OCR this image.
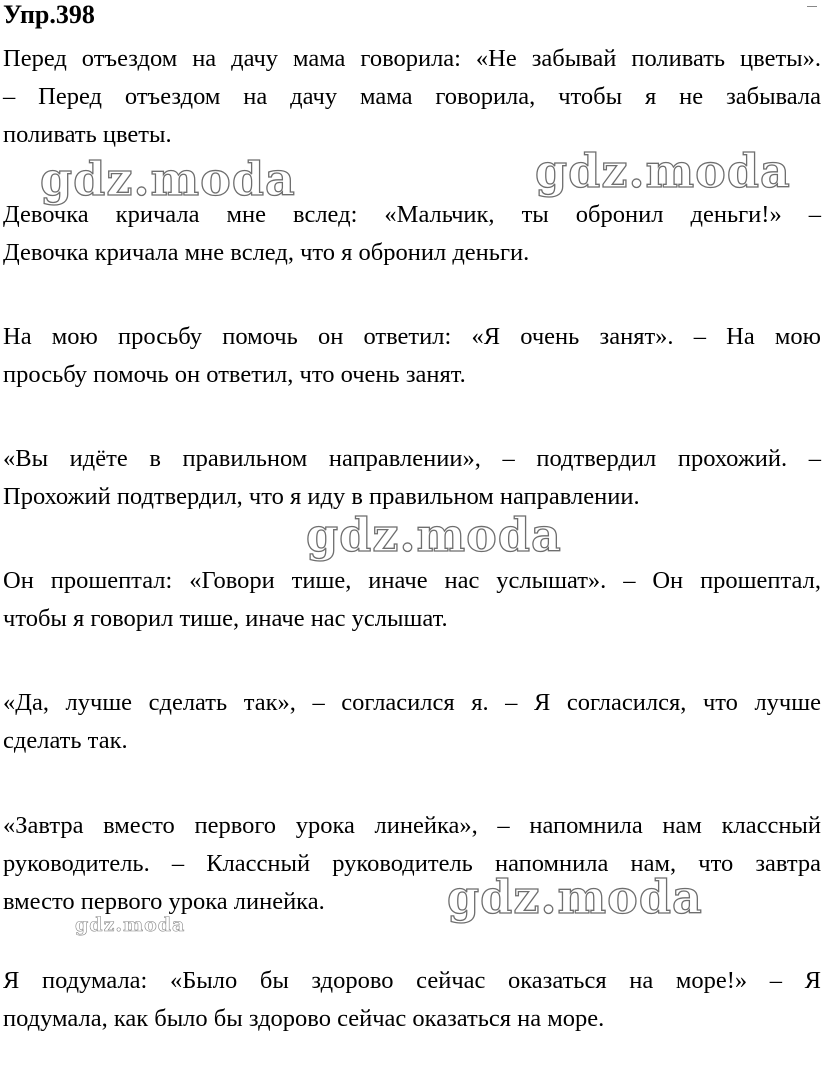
Упр.398

Перед отъездом на дачу мама говорила: «Не забывай поливать цветы».
– Перед отъездом на дачу мама говорила, чтобы я не забывала
поливать цветы.

Девочка кричала мне вслед: «Мальчик, ты обронил деньги!» –
Девочка кричала мне вслед, что я обронил деньги.

На мою просьбу помочь он ответил: «Я очень занят». – На мою
просьбу помочь он ответил, что очень занят.

«Вы идёте в правильном направлении», – подтвердил прохожий. –
Прохожий подтвердил, что я иду в правильном направлении.

Он прошептал: «Говори тише, иначе нас услышат». – Он прошептал,
чтобы я говорил тише, иначе нас услышат.

«Да, лучше сделать так», – согласился я. – Я согласился, что лучше
сделать так.

«Завтра вместо первого урока линейка», – напомнила нам классный
руководитель. – Классный руководитель напомнила нам, что завтра
вместо первого урока линейка.

Я подумала: «Было бы здорово сейчас оказаться на море!» – Я
подумала, как было бы здорово сейчас оказаться на море.

gdz.moda	gdz.moda
gdz.moda
gdz.moda
gdz.moda
